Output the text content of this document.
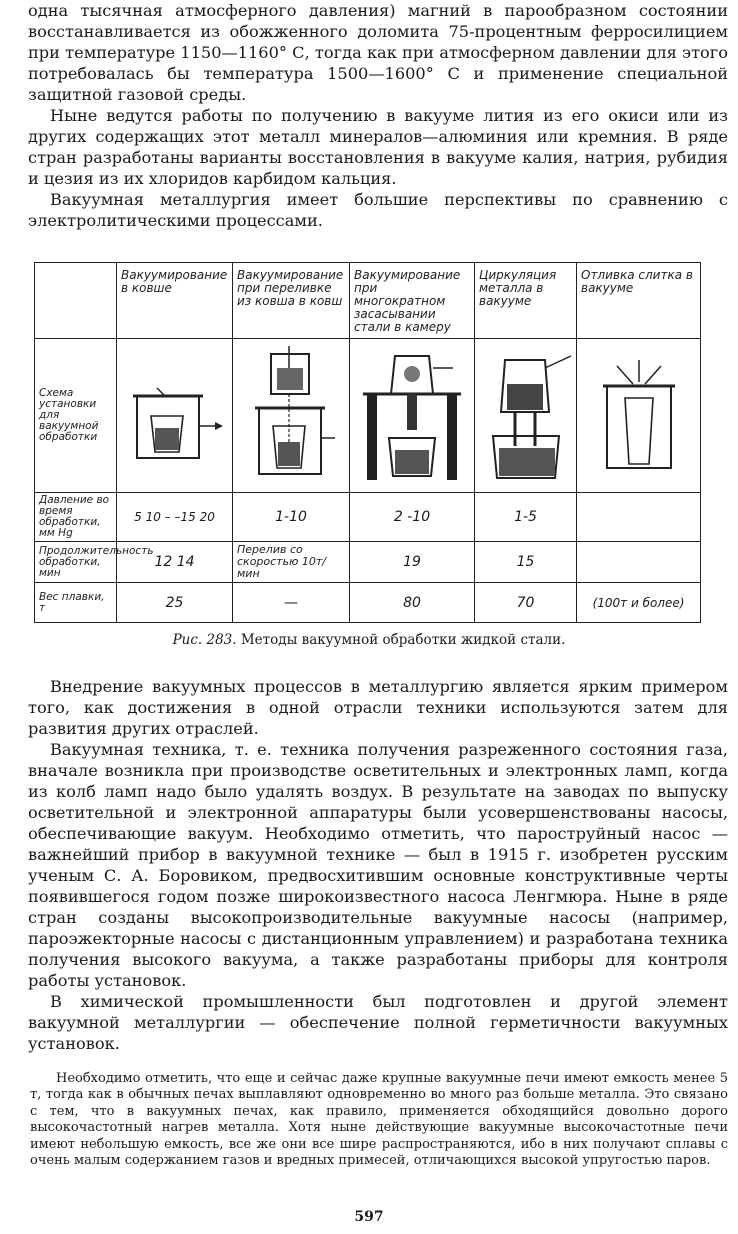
одна тысячная атмосферного давления) магний в парообразном состоянии восстанавливается из обожженного доломита 75-процентным ферросилицием при температуре 1150—1160° С, тогда как при атмосферном давлении для этого потребовалась бы температура 1500—1600° С и применение специальной защитной газовой среды.

Ныне ведутся работы по получению в вакууме лития из его окиси или из других содержащих этот металл минералов—алюминия или кремния. В ряде стран разработаны варианты восстановления в вакууме калия, натрия, рубидия и цезия из их хлоридов карбидом кальция.

Вакуумная металлургия имеет большие перспективы по сравнению с электролитическими процессами.

	Вакуумирование в ковше	Вакуумирование при переливке из ковша в ковш	Вакуумирование при многократном засасывании стали в камеру	Циркуляция металла в вакууме	Отливка слитка в вакууме
Схема установки для вакуумной обработки	

Давление во время обработки, мм Hg	5 10 – –15 20	1-10	2 -10	1-5	
Продолжительность обработки, мин	12 14	Перелив со скоростью 10т/мин	19	15	
Вес плавки, т	25	—	80	70	(100т и более)
Рис. 283. Методы вакуумной обработки жидкой стали.

Внедрение вакуумных процессов в металлургию является ярким примером того, как достижения в одной отрасли техники используются затем для развития других отраслей.

Вакуумная техника, т. е. техника получения разреженного состояния газа, вначале возникла при производстве осветительных и электронных ламп, когда из колб ламп надо было удалять воздух. В результате на заводах по выпуску осветительной и электронной аппаратуры были усовершенствованы насосы, обеспечивающие вакуум. Необходимо отметить, что пароструйный насос — важнейший прибор в вакуумной технике — был в 1915 г. изобретен русским ученым С. А. Боровиком, предвосхитившим основные конструктивные черты появившегося годом позже широкоизвестного насоса Ленгмюра. Ныне в ряде стран созданы высокопроизводительные вакуумные насосы (например, пароэжекторные насосы с дистанционным управлением) и разработана техника получения высокого вакуума, а также разработаны приборы для контроля работы установок.

В химической промышленности был подготовлен и другой элемент вакуумной металлургии — обеспечение полной герметичности вакуумных установок.

Необходимо отметить, что еще и сейчас даже крупные вакуумные печи имеют емкость менее 5 т, тогда как в обычных печах выплавляют одновременно во много раз больше металла. Это связано с тем, что в вакуумных печах, как правило, применяется обходящийся довольно дорого высокочастотный нагрев металла. Хотя ныне действующие вакуумные высокочастотные печи имеют небольшую емкость, все же они все шире распространяются, ибо в них получают сплавы с очень малым содержанием газов и вредных примесей, отличающихся высокой упругостью паров.

597
